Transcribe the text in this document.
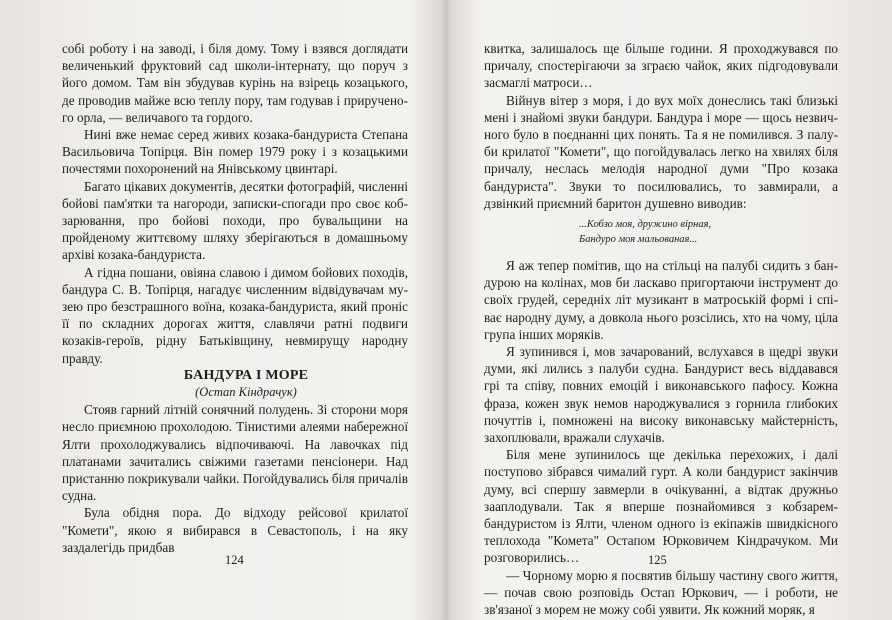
собі роботу і на заводі, і біля дому. Тому і взявся доглядати величенький фруктовий сад школи-інтернату, що поруч з його домом. Там він збудував курінь на взірець козацького, де проводив майже всю теплу пору, там годував і прирученого орла, — величавого та гордого.

Нині вже немає серед живих козака-бандуриста Степана Васильовича Топірця. Він помер 1979 року і з козацькими почестями похоронений на Янівському цвинтарі.

Багато цікавих документів, десятки фотографій, численні бойові пам'ятки та нагороди, записки-спогади про своє кобзарювання, про бойові походи, про бувальщини на пройденому життєвому шляху зберігаються в домашньому архіві козака-бандуриста.

А гідна пошани, овіяна славою і димом бойових походів, бандура С. В. Топірця, нагадує численним відвідувачам музею про безстрашного воїна, козака-бандуриста, який проніс її по складних дорогах життя, славлячи ратні подвиги козаків-героїв, рідну Батьківщину, невмирущу народну правду.

БАНДУРА І МОРЕ

(Остап Кіндрачук)

Стояв гарний літній сонячний полудень. Зі сторони моря несло приємною прохолодою. Тінистими алеями набережної Ялти прохолоджувались відпочиваючі. На лавочках під платанами зачитались свіжими газетами пенсіонери. Над пристанню покрикували чайки. Погойдувались біля причалів судна.

Була обідня пора. До відходу рейсової крилатої "Комети", якою я вибирався в Севастополь, і на яку заздалегідь придбав

124

квитка, залишалось ще більше години. Я проходжувався по причалу, спостерігаючи за зграєю чайок, яких підгодовували засмаглі матроси…

Війнув вітер з моря, і до вух моїх донеслись такі близькі мені і знайомі звуки бандури. Бандура і море — щось незвичного було в поєднанні цих понять. Та я не помилився. З палуби крилатої "Комети", що погойдувалась легко на хвилях біля причалу, неслась мелодія народної думи "Про козака бандуриста". Звуки то посилювались, то завмирали, а дзвінкий приємний баритон душевно виводив:

...Кобзо моя, дружино вірная,
Бандуро моя мальованая...

Я аж тепер помітив, що на стільці на палубі сидить з бандурою на колінах, мов би ласкаво пригортаючи інструмент до своїх грудей, середніх літ музикант в матроській формі і співає народну думу, а довкола нього розсілись, хто на чому, ціла група інших моряків.

Я зупинився і, мов зачарований, вслухався в щедрі звуки думи, які лились з палуби судна. Бандурист весь віддавався грі та співу, повних емоцій і виконавського пафосу. Кожна фраза, кожен звук немов народжувалися з горнила глибоких почуттів і, помножені на високу виконавську майстерність, захоплювали, вражали слухачів.

Біля мене зупинилось ще декілька перехожих, і далі поступово зібрався чималий гурт. А коли бандурист закінчив думу, всі спершу завмерли в очікуванні, а відтак дружньо зааплодували. Так я вперше познайомився з кобзарем-бандуристом із Ялти, членом одного із екіпажів швидкісного теплохода "Комета" Остапом Юрковичем Кіндрачуком. Ми розговорились…

— Чорному морю я посвятив більшу частину свого життя, — почав свою розповідь Остап Юркович, — і роботи, не зв'язаної з морем не можу собі уявити. Як кожний моряк, я

125
